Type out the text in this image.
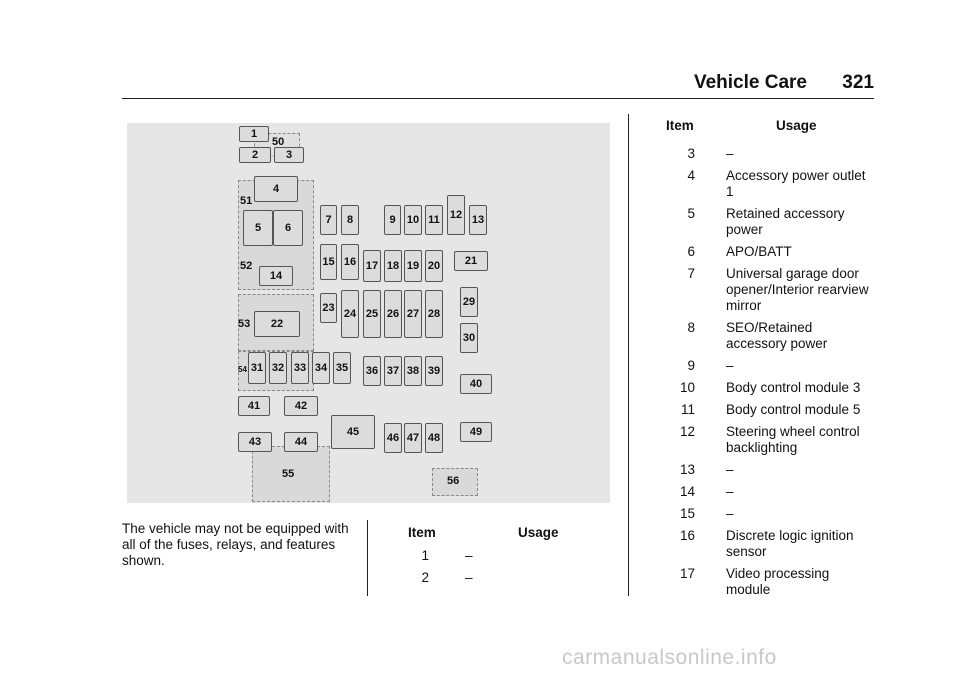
Vehicle Care 321
1
2	3
4
5	6
7	8	9	10 11 12 13
14
15 16 17 18 19 20	21
22
23 24 25 26 27 28
29
30
31 32 33 34 35 36 37 38 39
40
41	42
43	44
45	46 47 48	49
55
56
50
51
52
53
54
The vehicle may not be equipped with all of the fuses, relays, and features shown.
Item	Usage
1	–
2	–
Item	Usage
3 –
4 Accessory power outlet 1
5 Retained accessory power
6 APO/BATT
7 Universal garage door opener/Interior rearview mirror
8 SEO/Retained accessory power
9 –
10 Body control module 3
11 Body control module 5
12 Steering wheel control backlighting
13 –
14 –
15 –
16 Discrete logic ignition sensor
17 Video processing module
carmanualsonline.info
